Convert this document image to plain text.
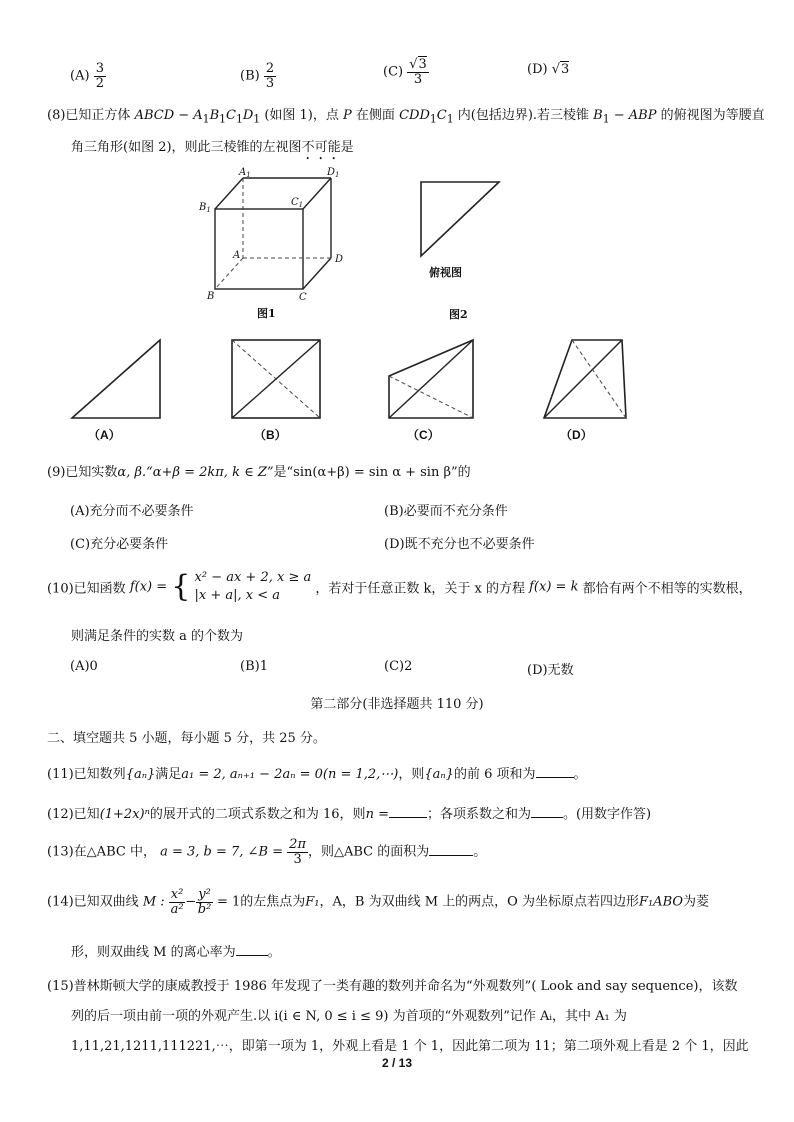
$(A) \frac{3}{2}$	$(B) \frac{2}{3}$	$(C) \frac{√3}{3}$	(D) √3
(8)已知正方体 ABCD − $A_1B_1C_1D_1$ (如图 1)，点 P 在侧面 $CDD_1C_1$ 内(包括边界).若三棱锥 $B_1$ − ABP 的俯视图为等腰直
角三角形(如图 2)，则此三棱锥的左视图不可能是
$A_1$	$D_1$
$B_1$
$C_1$
A	D
B	C
图1
俯视图
图2
（A）	（B）	（C）	（D）
(9)已知实数α, β.“α+β = 2kπ, k ∈ Z”是“sin(α+β) = sin α + sin β”的
(A)充分而不必要条件	(B)必要而不充分条件
(C)充分必要条件	(D)既不充分也不必要条件
(10)已知函数 f(x) = { x² − ax + 2, x ≥ a
|x + a|, x < a	，若对于任意正数 k，关于 x 的方程 f(x) = k 都恰有两个不相等的实数根，
则满足条件的实数 a 的个数为
(A)0	(B)1	(C)2	(D)无数
第二部分(非选择题共 110 分)
二、填空题共 5 小题，每小题 5 分，共 25 分。
(11)已知数列{aₙ}满足a₁ = 2, aₙ₊₁ − 2aₙ = 0(n = 1,2,⋯)，则{aₙ}的前 6 项和为	。
(12)已知(1+2x)ⁿ的展开式的二项式系数之和为 16，则n =	；各项系数之和为 。(用数字作答)
(13)在△ABC 中， a = 3, b = 7, ∠B = $\frac{2\pi}{3}$ ，则△ABC 的面积为	。
(14)已知双曲线 M : $\frac{\text{x²}}{\text{a²}} - \frac{\text{y²}}{\text{b²}} = 1$的左焦点为F₁，A，B 为双曲线 M 上的两点，O 为坐标原点若四边形F₁ABO为菱
形，则双曲线 M 的离心率为 。
(15)普林斯顿大学的康威教授于 1986 年发现了一类有趣的数列并命名为“外观数列”( Look and say sequence)，该数
列的后一项由前一项的外观产生.以 i(i ∈ N, 0 ≤ i ≤ 9) 为首项的“外观数列”记作 Aᵢ，其中 A₁ 为
1,11,21,1211,111221,⋯，即第一项为 1，外观上看是 1 个 1，因此第二项为 11；第二项外观上看是 2 个 1，因此
2 / 13
